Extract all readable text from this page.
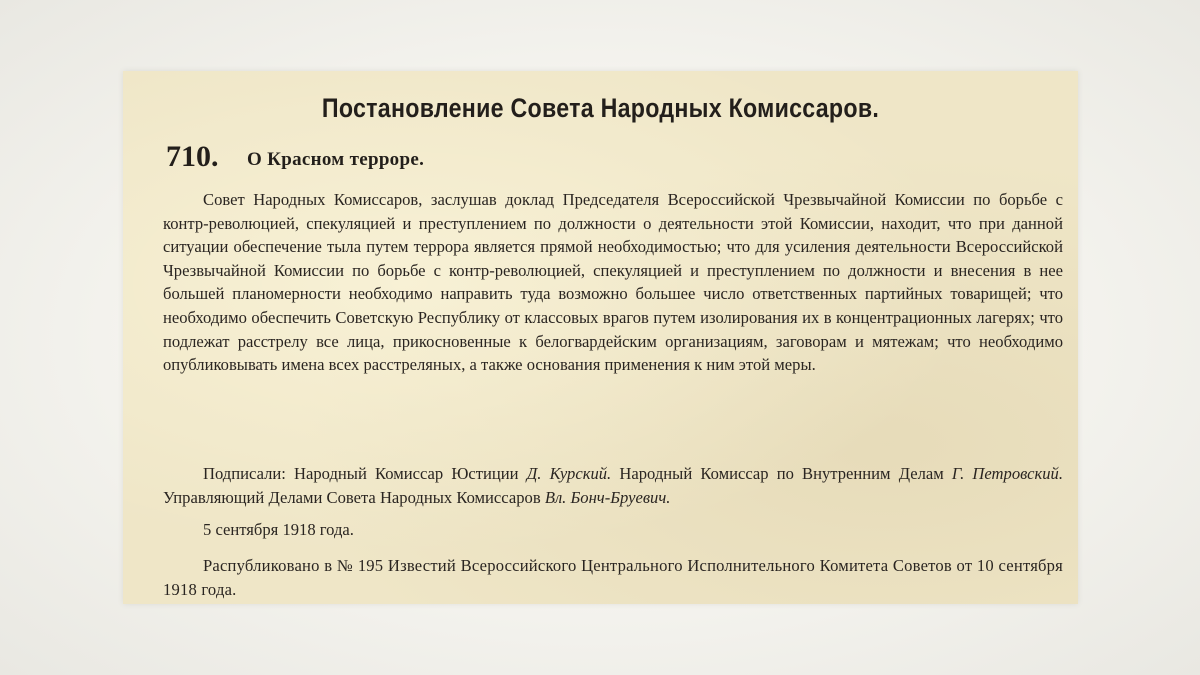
Постановление Совета Народных Комиссаров.
710. О Красном терроре.

Совет Народных Комиссаров, заслушав доклад Председателя Всероссийской Чрезвычайной Комиссии по борьбе с контр-революцией, спекуляцией и преступлением по должности о деятельности этой Комиссии, находит, что при данной ситуации обеспечение тыла путем террора является прямой необходимостью; что для усиления деятельности Всероссийской Чрезвычайной Комиссии по борьбе с контр-революцией, спекуляцией и преступлением по должности и внесения в нее большей планомерности необходимо направить туда возможно большее число ответственных партийных товарищей; что необходимо обеспечить Советскую Республику от классовых врагов путем изолирования их в концентрационных лагерях; что подлежат расстрелу все лица, прикосновенные к белогвардейским организациям, заговорам и мятежам; что необходимо опубликовывать имена всех расстреляных, а также основания применения к ним этой меры.

Подписали: Народный Комиссар Юстиции Д. Курский. Народный Комиссар по Внутренним Делам Г. Петровский. Управляющий Делами Совета Народных Комиссаров Вл. Бонч-Бруевич.

5 сентября 1918 года.

Распубликовано в № 195 Известий Всероссийского Центрального Исполнительного Комитета Советов от 10 сентября 1918 года.
